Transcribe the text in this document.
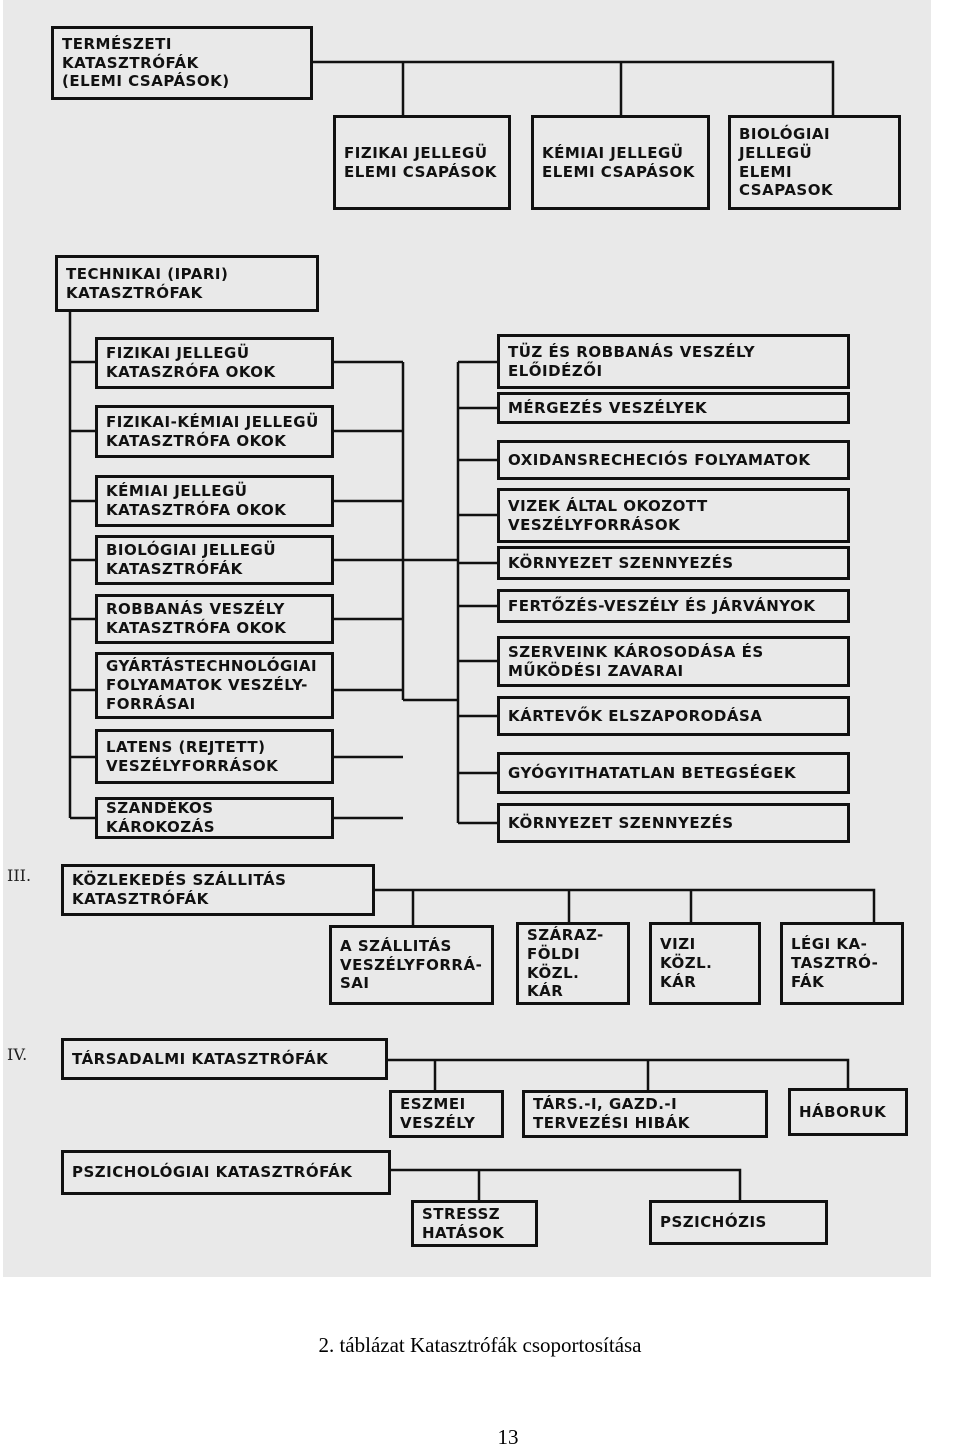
III.
IV.
TERMÉSZETI KATASZTRÓFÁK
(ELEMI CSAPÁSOK)
FIZIKAI JELLEGÜ
ELEMI CSAPÁSOK
KÉMIAI JELLEGÜ
ELEMI CSAPÁSOK
BIOLÓGIAI JELLEGÜ
ELEMI CSAPASOK
TECHNIKAI (IPARI)
KATASZTRÓFAK
FIZIKAI JELLEGÜ
KATASZRÓFA OKOK
FIZIKAI-KÉMIAI JELLEGÜ
KATASZTRÓFA OKOK
KÉMIAI JELLEGÜ
KATASZTRÓFA OKOK
BIOLÓGIAI JELLEGÜ
KATASZTRÓFÁK
ROBBANÁS VESZÉLY
KATASZTRÓFA OKOK
GYÁRTÁSTECHNOLÓGIAI
FOLYAMATOK VESZÉLY-
FORRÁSAI
LATENS (REJTETT)
VESZÉLYFORRÁSOK
SZANDÉKOS KÁROKOZÁS
TÜZ ÉS ROBBANÁS VESZÉLY
ELŐIDÉZŐI
MÉRGEZÉS VESZÉLYEK
OXIDANSRECHECIÓS FOLYAMATOK
VIZEK ÁLTAL OKOZOTT
VESZÉLYFORRÁSOK
KÖRNYEZET SZENNYEZÉS
FERTŐZÉS-VESZÉLY ÉS JÁRVÁNYOK
SZERVEINK KÁROSODÁSA ÉS
MŰKÖDÉSI ZAVARAI
KÁRTEVŐK ELSZAPORODÁSA
GYÓGYITHATATLAN BETEGSÉGEK
KÖRNYEZET SZENNYEZÉS
KÖZLEKEDÉS SZÁLLITÁS
KATASZTRÓFÁK
A SZÁLLITÁS
VESZÉLYFORRÁ-
SAI
SZÁRAZ-
FÖLDI
KÖZL. KÁR
VIZI
KÖZL.
KÁR
LÉGI KA-
TASZTRÓ-
FÁK
TÁRSADALMI KATASZTRÓFÁK
ESZMEI
VESZÉLY
TÁRS.-I, GAZD.-I
TERVEZÉSI HIBÁK
HÁBORUK
PSZICHOLÓGIAI KATASZTRÓFÁK
STRESSZ
HATÁSOK
PSZICHÓZIS
2. táblázat Katasztrófák csoportosítása
13
